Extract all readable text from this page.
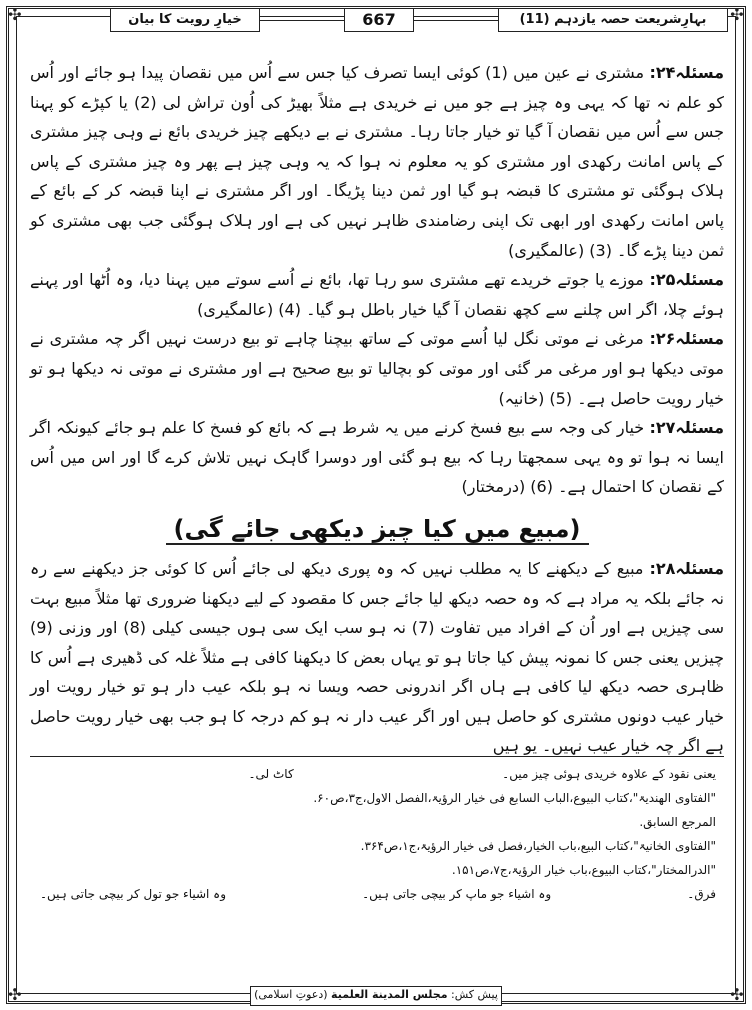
✣	✣
✣	✣
خیارِ رویت کا بیان	667	بہارِشریعت حصہ یازدہم (11)

مسئلہ۲۴: مشتری نے عین میں (1) کوئی ایسا تصرف کیا جس سے اُس میں نقصان پیدا ہو جائے اور اُس کو علم نہ تھا کہ یہی وہ چیز ہے جو میں نے خریدی ہے مثلاً بھیڑ کی اُون تراش لی (2) یا کپڑے کو پہنا جس سے اُس میں نقصان آ گیا تو خیار جاتا رہا۔ مشتری نے بے دیکھے چیز خریدی بائع نے وہی چیز مشتری کے پاس امانت رکھدی اور مشتری کو یہ معلوم نہ ہوا کہ یہ وہی چیز ہے پھر وہ چیز مشتری کے پاس ہلاک ہوگئی تو مشتری کا قبضہ ہو گیا اور ثمن دینا پڑیگا۔ اور اگر مشتری نے اپنا قبضہ کر کے بائع کے پاس امانت رکھدی اور ابھی تک اپنی رضامندی ظاہر نہیں کی ہے اور ہلاک ہوگئی جب بھی مشتری کو ثمن دینا پڑے گا۔ (3) (عالمگیری)

مسئلہ۲۵: موزے یا جوتے خریدے تھے مشتری سو رہا تھا، بائع نے اُسے سوتے میں پہنا دیا، وہ اُٹھا اور پہنے ہوئے چلا، اگر اس چلنے سے کچھ نقصان آ گیا خیار باطل ہو گیا۔ (4) (عالمگیری)

مسئلہ۲۶: مرغی نے موتی نگل لیا اُسے موتی کے ساتھ بیچنا چاہے تو بیع درست نہیں اگر چہ مشتری نے موتی دیکھا ہو اور مرغی مر گئی اور موتی کو بچالیا تو بیع صحیح ہے اور مشتری نے موتی نہ دیکھا ہو تو خیار رویت حاصل ہے۔ (5) (خانیہ)

مسئلہ۲۷: خیار کی وجہ سے بیع فسخ کرنے میں یہ شرط ہے کہ بائع کو فسخ کا علم ہو جائے کیونکہ اگر ایسا نہ ہوا تو وہ یہی سمجھتا رہا کہ بیع ہو گئی اور دوسرا گاہک نہیں تلاش کرے گا اور اس میں اُس کے نقصان کا احتمال ہے۔ (6) (درمختار)

(مبیع میں کیا چیز دیکھی جائے گی)

مسئلہ۲۸: مبیع کے دیکھنے کا یہ مطلب نہیں کہ وہ پوری دیکھ لی جائے اُس کا کوئی جز دیکھنے سے رہ نہ جائے بلکہ یہ مراد ہے کہ وہ حصہ دیکھ لیا جائے جس کا مقصود کے لیے دیکھنا ضروری تھا مثلاً مبیع بہت سی چیزیں ہے اور اُن کے افراد میں تفاوت (7) نہ ہو سب ایک سی ہوں جیسی کیلی (8) اور وزنی (9) چیزیں یعنی جس کا نمونہ پیش کیا جاتا ہو تو یہاں بعض کا دیکھنا کافی ہے مثلاً غلہ کی ڈھیری ہے اُس کا ظاہری حصہ دیکھ لیا کافی ہے ہاں اگر اندرونی حصہ ویسا نہ ہو بلکہ عیب دار ہو تو خیار رویت اور خیار عیب دونوں مشتری کو حاصل ہیں اور اگر عیب دار نہ ہو کم درجہ کا ہو جب بھی خیار رویت حاصل ہے اگر چہ خیار عیب نہیں۔ یو ہیں

یعنی نقود کے علاوہ خریدی ہوئی چیز میں۔
کاٹ لی۔
"الفتاوی الھندیۃ"،کتاب البیوع،الباب السابع فی خیار الرؤیۃ،الفصل الاول،ج۳،ص۶۰.
المرجع السابق.
"الفتاوی الخانیۃ"،کتاب البیع،باب الخیار،فصل فی خیار الرؤیۃ،ج۱،ص۳۶۴.
"الدرالمختار"،کتاب البیوع،باب خیار الرؤیۃ،ج۷،ص۱۵۱.
فرق۔
وہ اشیاء جو ماپ کر بیچی جاتی ہیں۔
وہ اشیاء جو تول کر بیچی جاتی ہیں۔
پیش کش: مجلس المدینة العلمیة (دعوتِ اسلامی)
